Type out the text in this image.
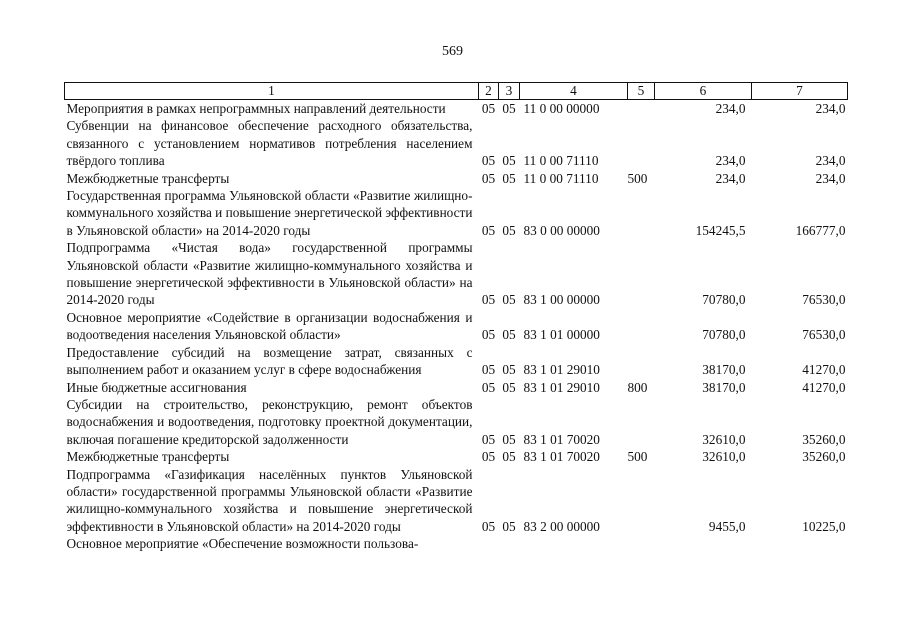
569
1	2	3	4	5	6	7
Мероприятия в рамках непрограммных направлений деятельности	05	05	11 0 00 00000		234,0	234,0
Субвенции на финансовое обеспечение расходного обязательства, связанного с установлением нормативов потребления населением твёрдого топлива	05	05	11 0 00 71110		234,0	234,0
Межбюджетные трансферты	05	05	11 0 00 71110	500	234,0	234,0
Государственная программа Ульяновской области «Развитие жилищно-коммунального хозяйства и повышение энергетической эффективности в Ульяновской области» на 2014-2020 годы	05	05	83 0 00 00000		154245,5	166777,0
Подпрограмма «Чистая вода» государственной программы Ульяновской области «Развитие жилищно-коммунального хозяйства и повышение энергетической эффективности в Ульяновской области» на 2014-2020 годы	05	05	83 1 00 00000		70780,0	76530,0
Основное мероприятие «Содействие в организации водоснабжения и водоотведения населения Ульяновской области»	05	05	83 1 01 00000		70780,0	76530,0
Предоставление субсидий на возмещение затрат, связанных с выполнением работ и оказанием услуг в сфере водоснабжения	05	05	83 1 01 29010		38170,0	41270,0
Иные бюджетные ассигнования	05	05	83 1 01 29010	800	38170,0	41270,0
Субсидии на строительство, реконструкцию, ремонт объектов водоснабжения и водоотведения, подготовку проектной документации, включая погашение кредиторской задолженности	05	05	83 1 01 70020		32610,0	35260,0
Межбюджетные трансферты	05	05	83 1 01 70020	500	32610,0	35260,0
Подпрограмма «Газификация населённых пунктов Ульяновской области» государственной программы Ульяновской области «Развитие жилищно-коммунального хозяйства и повышение энергетической эффективности в Ульяновской области» на 2014-2020 годы	05	05	83 2 00 00000		9455,0	10225,0
Основное мероприятие «Обеспечение возможности пользова-						
